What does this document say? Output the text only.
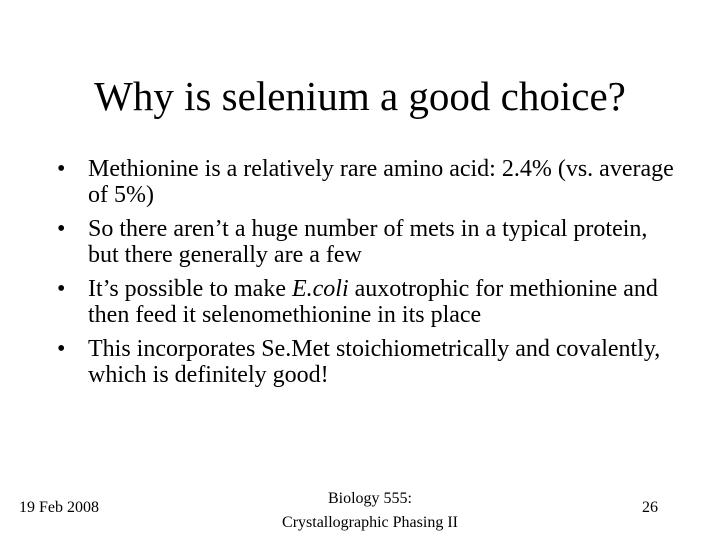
Why is selenium a good choice?
• Methionine is a relatively rare amino acid: 2.4% (vs. average of 5%)
• So there aren’t a huge number of mets in a typical protein, but there generally are a few
• It’s possible to make E.coli auxotrophic for methionine and then feed it selenomethionine in its place
• This incorporates Se.Met stoichiometrically and covalently, which is definitely good!
19 Feb 2008
Biology 555:
Crystallographic Phasing II
26
